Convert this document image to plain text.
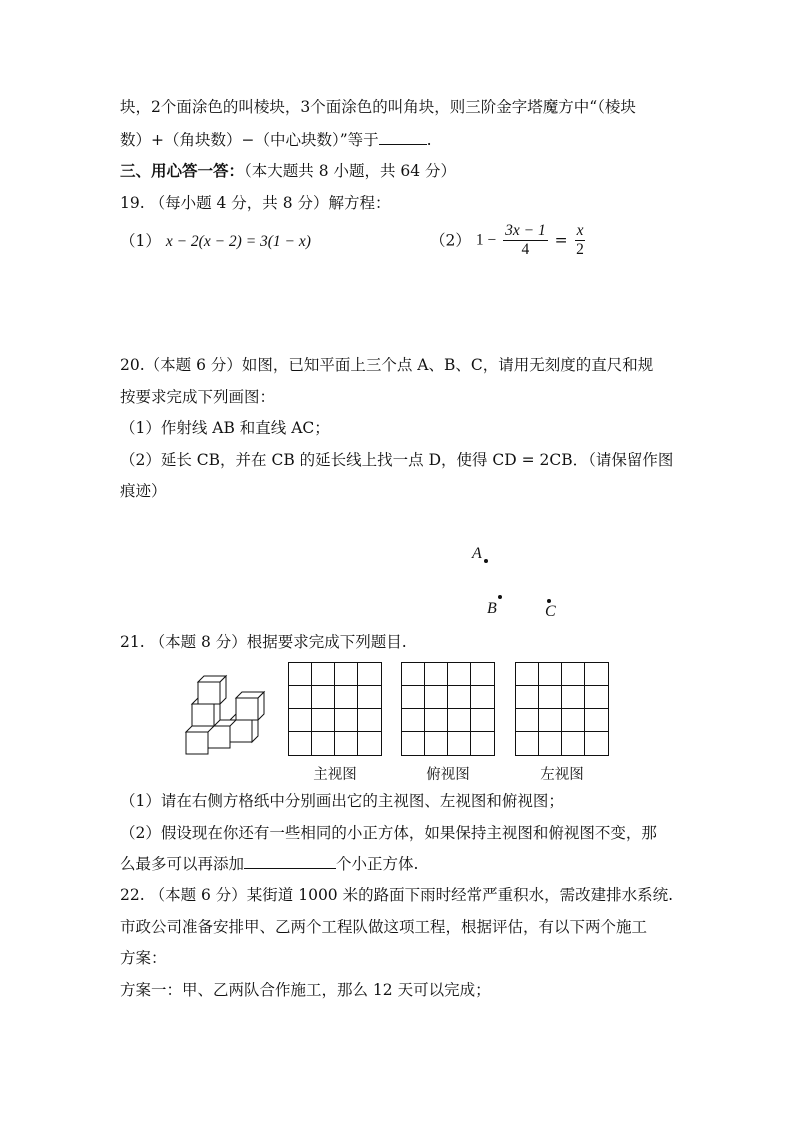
块，2个面涂色的叫棱块，3个面涂色的叫角块，则三阶金字塔魔方中“（棱块
数）+（角块数）−（中心块数）”等于	.
三、用心答一答：（本大题共 8 小题，共 64 分）
19. （每小题 4 分，共 8 分）解方程：
（1） x − 2(x − 2) = 3(1 − x)	（2） $1 - \frac{3x - 1}{4} = \frac{x}{2}$
20.（本题 6 分）如图，已知平面上三个点 A、B、C，请用无刻度的直尺和规
按要求完成下列画图：
（1）作射线 AB 和直线 AC；
（2）延长 CB，并在 CB 的延长线上找一点 D，使得 CD = 2CB．（请保留作图
痕迹）
A
B	C
21. （本题 8 分）根据要求完成下列题目.
主视图	俯视图	左视图
（1）请在右侧方格纸中分别画出它的主视图、左视图和俯视图；
（2）假设现在你还有一些相同的小正方体，如果保持主视图和俯视图不变，那
么最多可以再添加	个小正方体.
22. （本题 6 分）某街道 1000 米的路面下雨时经常严重积水，需改建排水系统.
市政公司准备安排甲、乙两个工程队做这项工程，根据评估，有以下两个施工
方案：
方案一：甲、乙两队合作施工，那么 12 天可以完成；
